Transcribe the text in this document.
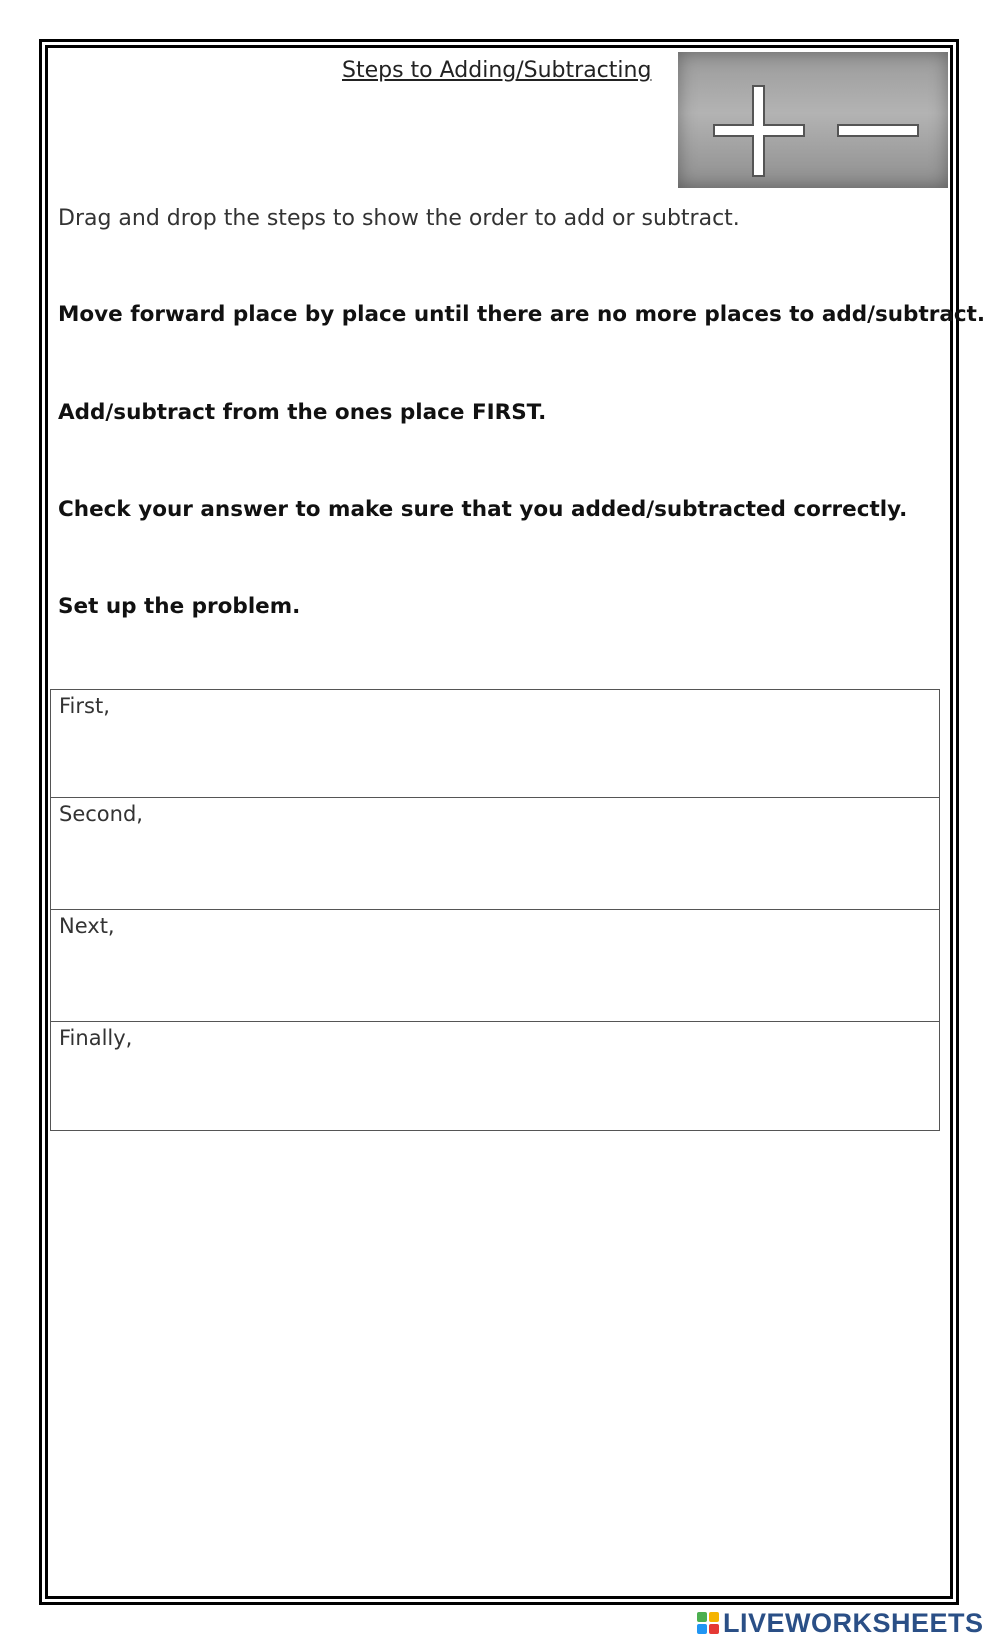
Steps to Adding/Subtracting
Drag and drop the steps to show the order to add or subtract.
Move forward place by place until there are no more places to add/subtract.
Add/subtract from the ones place FIRST.
Check your answer to make sure that you added/subtracted correctly.
Set up the problem.
First,
Second,
Next,
Finally,
LIVEWORKSHEETS
